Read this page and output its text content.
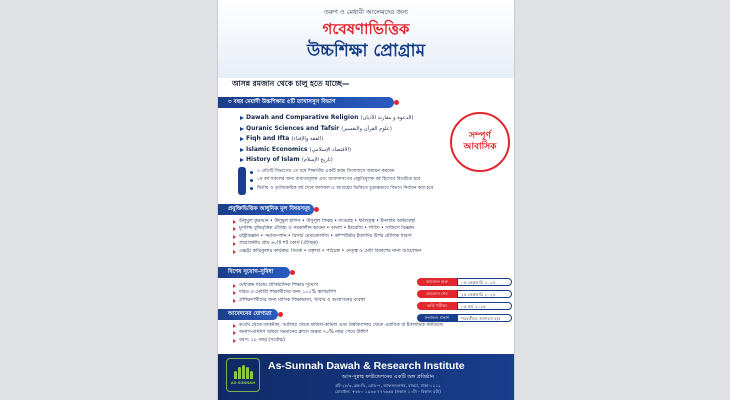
তরুণ ও মেধাবী আলেমদের জন্য
গবেষণাভিত্তিক
উচ্চশিক্ষা প্রোগ্রাম
আসন্ন রমজান থেকে চালু হতে যাচ্ছে—
৩ বছর মেয়াদী উচ্চশিক্ষার ৫টি তাখাসসুস বিভাগ
Dawah and Comparative Religion (الدعوة و مقارنة الأديان)
Quranic Sciences and Tafsir (علوم القرآن والتفسير)
Fiqh and Ifta (الفقه والإفتاء)
Islamic Economics (الاقتصاد الإسلامي)
History of Islam (تاريخ الإسلام)
সম্পূর্ণ আবাসিক
৩ প্রতিটি বিভাগের ১ম বর্ষে শিক্ষার্থীর একটি করম সিলেবাসে অধ্যয়ন করবেন
১ম বর্ষ সকলের জন্য বাধ্যতামূলক এবং আফসাসপের প্রস্তুতিমূলক বর্ষ হিসেবে বিবেচিত হবে
দ্বিতীয় ও তৃতীয়ক্রমিক বর্ষ শেষে ফলাফল ও আগ্রহের ভিত্তিতে চূড়ান্তভাবে বিভাগ নির্বাচন করা হবে
প্রযুক্তিভিত্তিক আধুনিক মূল বিষয়সমূহ
উলুমুল কুরআন • উলুমুল হাদিস • উসুলুল ফিকহ • দাওয়াহ • ধর্মতত্ত্ব • ইসলামি অর্থব্যবস্থা
মুসলিম বুদ্ধিবৃত্তিক ঐতিহ্য ও সমকালীন ভাবনা • বাংলা • ইংরেজি • গণিত • সাধারণ বিজ্ঞান
রাষ্ট্রবিজ্ঞান • সমাজ-দর্শন • রিসার্চ মেথডোলজি • কম্পিউটার ইত্যাদির উপর মৌলিক ধারণা
প্রয়োজনীয় প্রায় ৬০টি শর্ট কোর্স (ঐচ্ছিক)
এক্সট্রা কারিকুলার কার্যক্রম: বিতর্ক • বক্তৃতা • পাঠচক্র • নেতৃত্ব ও মেধা বিকাশের নানা আয়োজন
বিশেষ সুযোগ-সুবিধা
মেধাক্রম ধারায় প্রাতিষ্ঠানিক শিক্ষার সুযোগ
দরিদ্র ও মেধাবী শিক্ষার্থীদের জন্য ১০০% স্কলারশিপ
প্রশিক্ষণার্থীদের জন্য মাসিক শিক্ষাভাতা, খাবার ও আবাসনের ব্যবস্থা
আবেদন শুরু	০৫ ফেব্রুয়ারি ২০২৫
আবেদন শেষ	২৫ ফেব্রুয়ারি ২০২৫
ভর্তি পরীক্ষা	০৫ মার্চ ২০২৫
ফলাফল প্রকাশ	পরবর্তীতে জানানো হবে
আবেদনের যোগ্যতা
কওমি থেকে তাকমীল, আলিয়া থেকে ফাযিল-কামিল এবং বিশ্ববিদ্যালয় থেকে এরাবিক বা ইসলামিক স্টাডিজে
অনার্স-মাস্টার্স অথবা সমমানের ক্লাসে অন্তত ৭০% নম্বর পেয়ে উত্তীর্ণ
বয়স: ২৮ বছর (সর্বোচ্চ)
AS-SUNNAH
As-Sunnah Dawah & Research Institute
আস-সুন্নাহ ফাউন্ডেশনের একটি অঙ্গ প্রতিষ্ঠান
প্লট-২৮/৩, ব্লক-ডি, রোড-৭, আফতাবনগর, বাড্ডা, ঢাকা-১২১২
মোবাইল: +৮৮০ ১৯৩৩ ৭৭৭৬৬৫ (সকাল ১০টা - বিকাল ৫টা)
